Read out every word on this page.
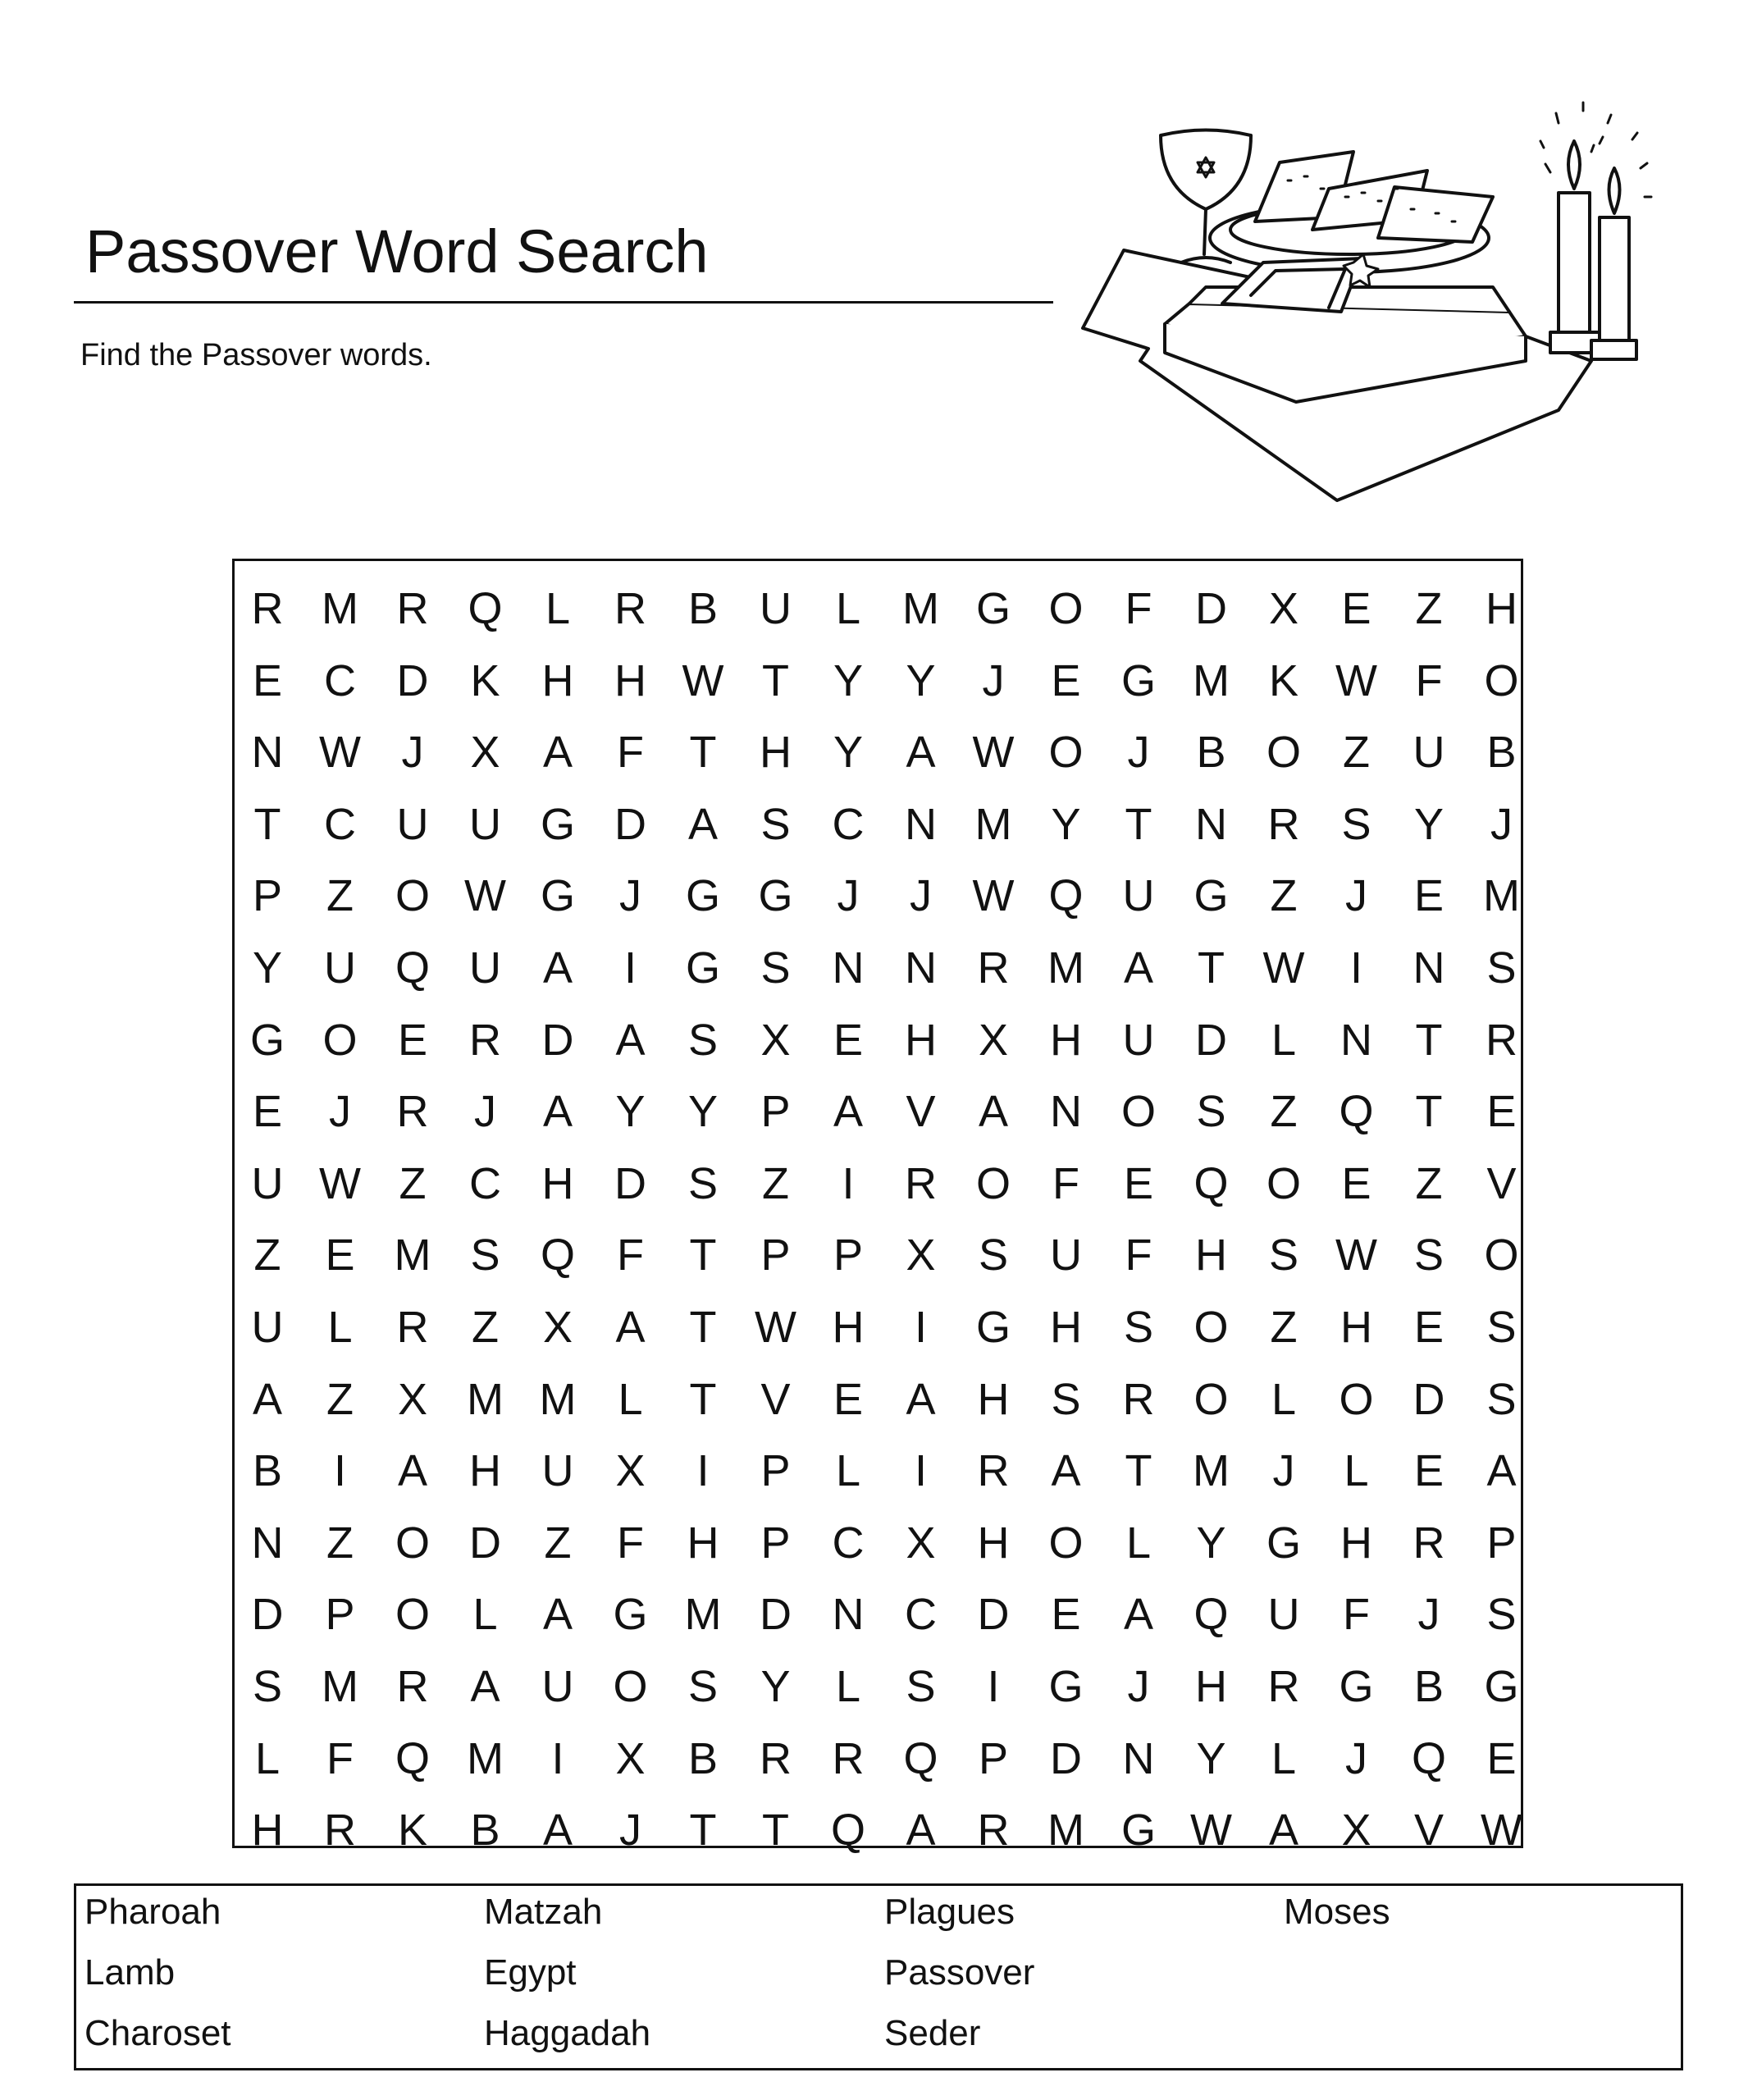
Passover Word Search
Find the Passover words.
R M R Q L R B U L M G O F D X E Z H
E C D K H H W T Y Y	J	E G M K W F O
N W J	X A F T H Y A W O	J	B O Z U B
T C U U G D A S C N M Y T N R S Y	J
P Z O W G	J G G	J	J W Q U G Z	J	E M
Y U Q U A	I	G S N N R M A T W	I	N S
G O E R D A S X E H X H U D L N T R
E	J	R	J	A Y Y P A V A N O S Z Q T E
U W Z C H D S Z	I	R O F E Q O E Z V
Z E M S Q F T P P X S U F H S W S O
U L R Z X A T W H	I	G H S O Z H E S
A Z X M M L T V E A H S R O L O D S
B	I	A H U X	I	P L	I	R A T M J	L E A
N Z O D Z F H P C X H O L Y G H R P
D P O L A G M D N C D E A Q U F	J	S
S M R A U O S Y L S	I	G	J	H R G B G
L F Q M	I	X B R R Q P D N Y L	J Q E
H R K B A	J	T T Q A R M G W A X V W
Pharoah
Lamb
Charoset
Matzah
Egypt
Haggadah
Plagues
Passover
Seder
Moses
